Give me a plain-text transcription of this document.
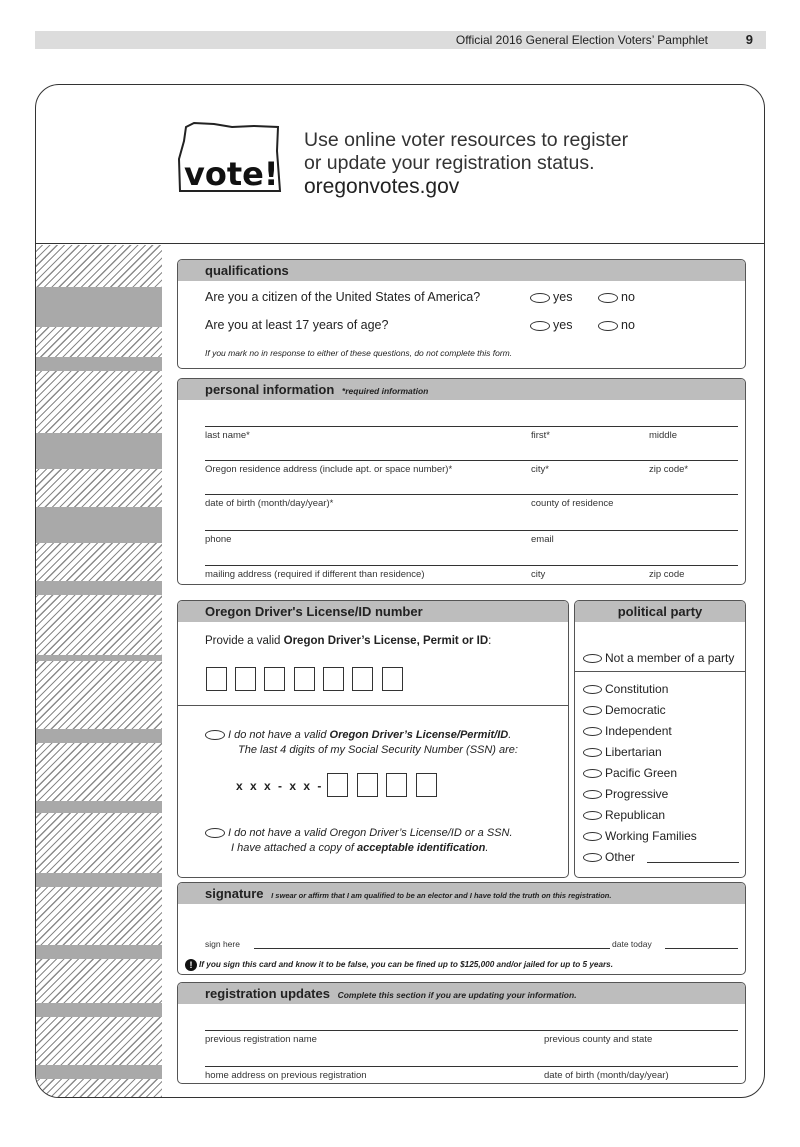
Official 2016 General Election Voters’ Pamphlet	9
vote!
Use online voter resources to register
or update your registration status.
oregonvotes.gov
qualifications
Are you a citizen of the United States of America?	yes	no
Are you at least 17 years of age?	yes	no
If you mark no in response to either of these questions, do not complete this form.
personal information *required information
last name*	first*	middle
Oregon residence address (include apt. or space number)*	city*	zip code*
date of birth (month/day/year)*	county of residence
phone	email
mailing address (required if different than residence)	city	zip code
Oregon Driver's License/ID number
Provide a valid Oregon Driver’s License, Permit or ID:
I do not have a valid Oregon Driver’s License/Permit/ID.
The last 4 digits of my Social Security Number (SSN) are:
x x x - x x -
I do not have a valid Oregon Driver’s License/ID or a SSN.
I have attached a copy of acceptable identification.
political party
Not a member of a party
Constitution
Democratic
Independent
Libertarian
Pacific Green
Progressive
Republican
Working Families
Other
signature I swear or affirm that I am qualified to be an elector and I have told the truth on this registration.
sign here	date today
! If you sign this card and know it to be false, you can be fined up to $125,000 and/or jailed for up to 5 years.
registration updates Complete this section if you are updating your information.
previous registration name	previous county and state
home address on previous registration	date of birth (month/day/year)
